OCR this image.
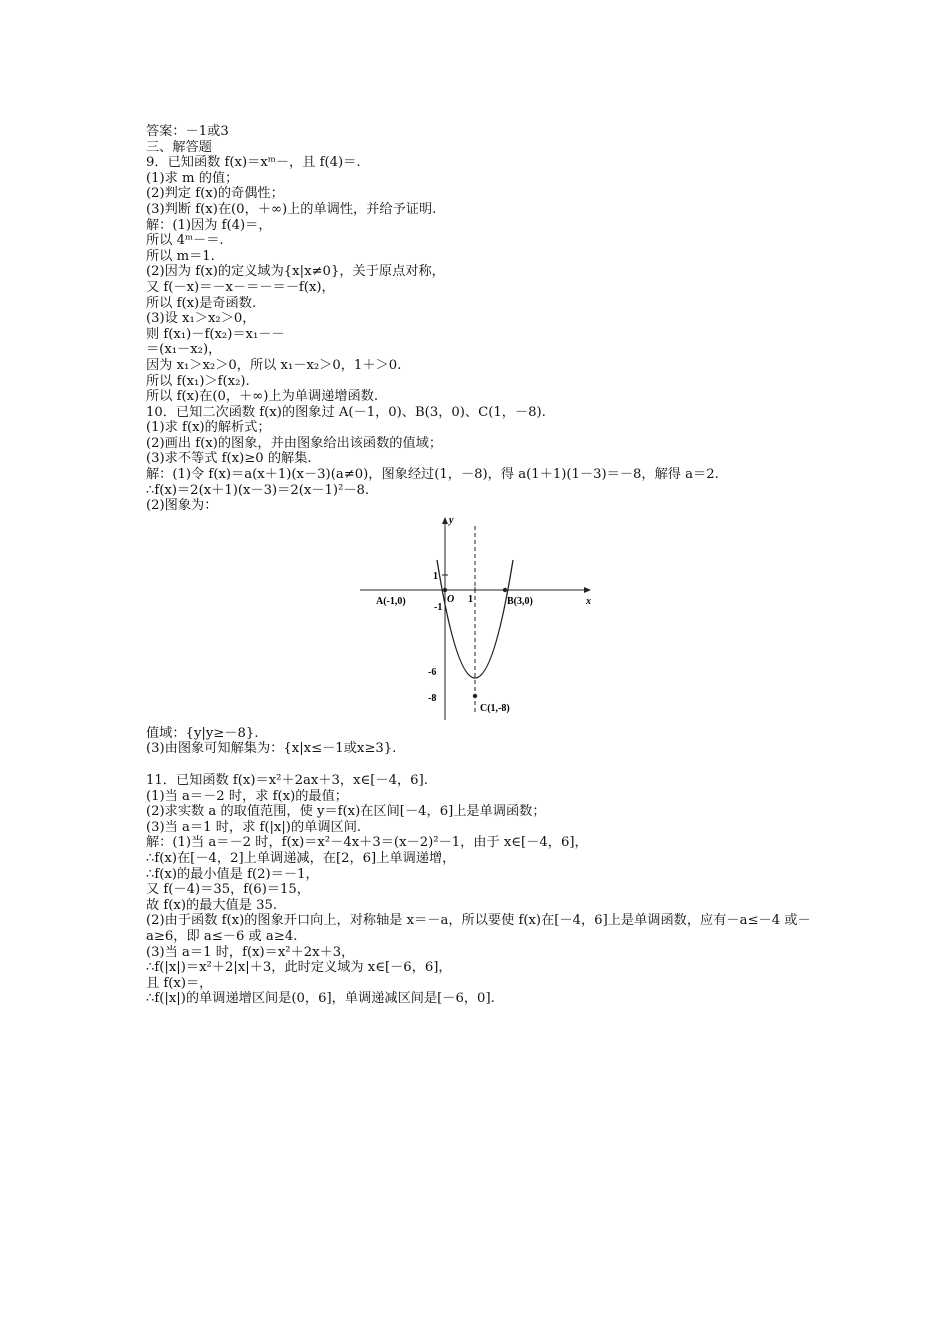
答案：－1或3
三、解答题
9．已知函数 f(x)＝xᵐ－，且 f(4)＝.
(1)求 m 的值；
(2)判定 f(x)的奇偶性；
(3)判断 f(x)在(0，＋∞)上的单调性，并给予证明.
解：(1)因为 f(4)＝，
所以 4ᵐ－＝.
所以 m＝1.
(2)因为 f(x)的定义域为{x|x≠0}，关于原点对称，
又 f(－x)＝－x－＝－＝－f(x)，
所以 f(x)是奇函数.
(3)设 x₁＞x₂＞0，
则 f(x₁)－f(x₂)＝x₁－－
＝(x₁－x₂)，
因为 x₁＞x₂＞0，所以 x₁－x₂＞0，1＋＞0.
所以 f(x₁)＞f(x₂).
所以 f(x)在(0，＋∞)上为单调递增函数.
10．已知二次函数 f(x)的图象过 A(－1，0)、B(3，0)、C(1，－8).
(1)求 f(x)的解析式；
(2)画出 f(x)的图象，并由图象给出该函数的值域；
(3)求不等式 f(x)≥0 的解集.
解：(1)令 f(x)＝a(x＋1)(x－3)(a≠0)，图象经过(1，－8)，得 a(1＋1)(1－3)＝－8，解得 a＝2.
∴f(x)＝2(x＋1)(x－3)＝2(x－1)²－8.
(2)图象为：
y
x
O 1
1
-1
-6
-8
A(-1,0)	B(3,0)
C(1,-8)
值域：{y|y≥－8}.
(3)由图象可知解集为：{x|x≤－1或x≥3}.
11．已知函数 f(x)＝x²＋2ax＋3，x∈[－4，6].
(1)当 a＝－2 时，求 f(x)的最值；
(2)求实数 a 的取值范围，使 y＝f(x)在区间[－4，6]上是单调函数；
(3)当 a＝1 时，求 f(|x|)的单调区间.
解：(1)当 a＝－2 时，f(x)＝x²－4x＋3＝(x－2)²－1，由于 x∈[－4，6]，
∴f(x)在[－4，2]上单调递减，在[2，6]上单调递增，
∴f(x)的最小值是 f(2)＝－1，
又 f(－4)＝35，f(6)＝15，
故 f(x)的最大值是 35.
(2)由于函数 f(x)的图象开口向上，对称轴是 x＝－a，所以要使 f(x)在[－4，6]上是单调函数，应有－a≤－4 或－a≥6，即 a≤－6 或 a≥4.
(3)当 a＝1 时，f(x)＝x²＋2x＋3，
∴f(|x|)＝x²＋2|x|＋3，此时定义域为 x∈[－6，6]，
且 f(x)＝，
∴f(|x|)的单调递增区间是(0，6]，单调递减区间是[－6，0].
